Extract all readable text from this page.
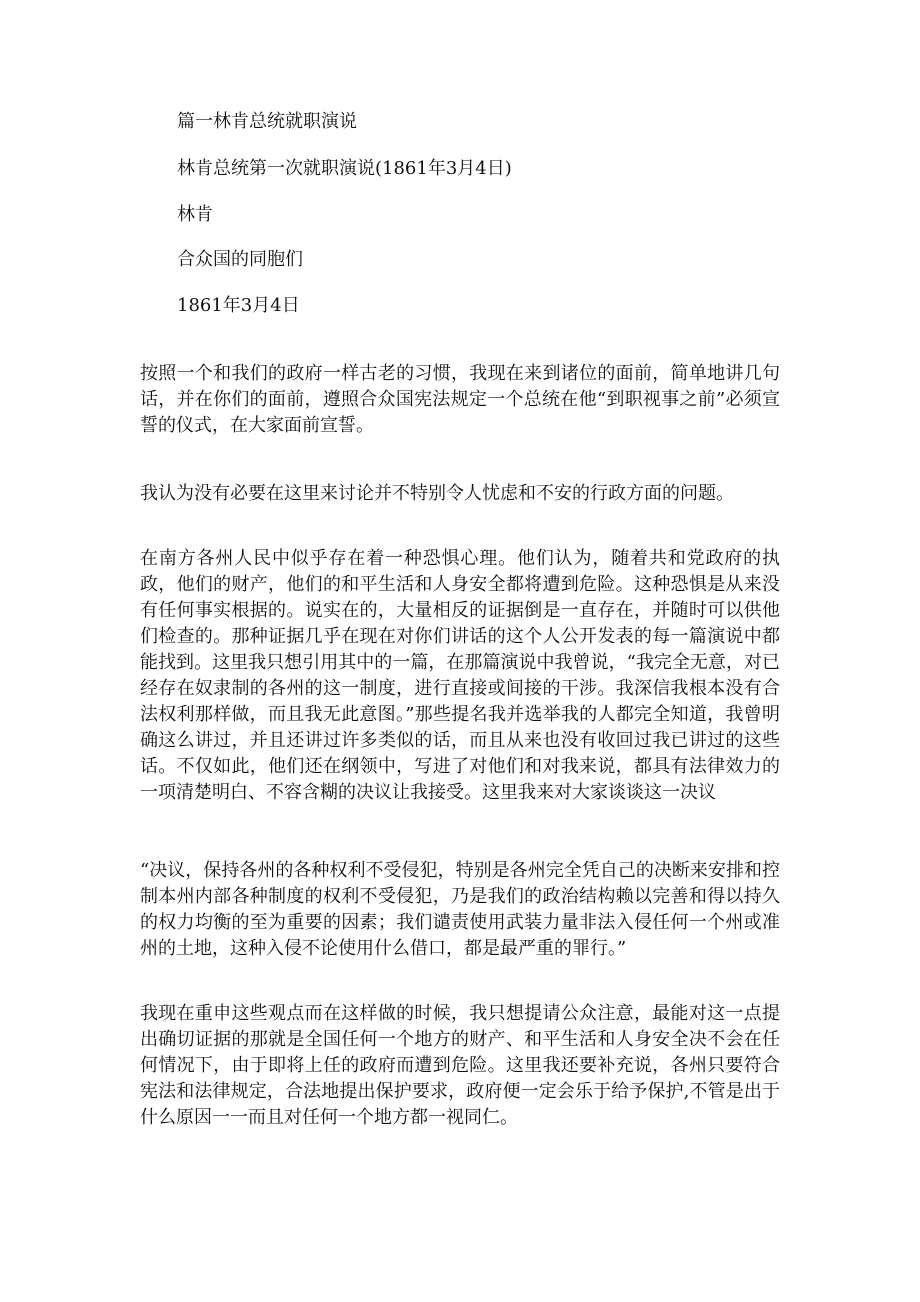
篇一林肯总统就职演说
林肯总统第一次就职演说(1861年3月4日)
林肯
合众国的同胞们
1861年3月4日

按照一个和我们的政府一样古老的习惯，我现在来到诸位的面前，简单地讲几句话，并在你们的面前，遵照合众国宪法规定一个总统在他“到职视事之前”必须宣誓的仪式，在大家面前宣誓。

我认为没有必要在这里来讨论并不特别令人忧虑和不安的行政方面的问题。

在南方各州人民中似乎存在着一种恐惧心理。他们认为，随着共和党政府的执政，他们的财产，他们的和平生活和人身安全都将遭到危险。这种恐惧是从来没有任何事实根据的。说实在的，大量相反的证据倒是一直存在，并随时可以供他们检查的。那种证据几乎在现在对你们讲话的这个人公开发表的每一篇演说中都能找到。这里我只想引用其中的一篇，在那篇演说中我曾说，“我完全无意，对已经存在奴隶制的各州的这一制度，进行直接或间接的干涉。我深信我根本没有合法权利那样做，而且我无此意图。”那些提名我并选举我的人都完全知道，我曾明确这么讲过，并且还讲过许多类似的话，而且从来也没有收回过我已讲过的这些话。不仅如此，他们还在纲领中，写进了对他们和对我来说，都具有法律效力的一项清楚明白、不容含糊的决议让我接受。这里我来对大家谈谈这一决议

“决议，保持各州的各种权利不受侵犯，特别是各州完全凭自己的决断来安排和控制本州内部各种制度的权利不受侵犯，乃是我们的政治结构赖以完善和得以持久的权力均衡的至为重要的因素；我们谴责使用武装力量非法入侵任何一个州或准州的土地，这种入侵不论使用什么借口，都是最严重的罪行。”

我现在重申这些观点而在这样做的时候，我只想提请公众注意，最能对这一点提出确切证据的那就是全国任何一个地方的财产、和平生活和人身安全决不会在任何情况下，由于即将上任的政府而遭到危险。这里我还要补充说，各州只要符合宪法和法律规定，合法地提出保护要求，政府便一定会乐于给予保护,不管是出于什么原因一一而且对任何一个地方都一视同仁。
